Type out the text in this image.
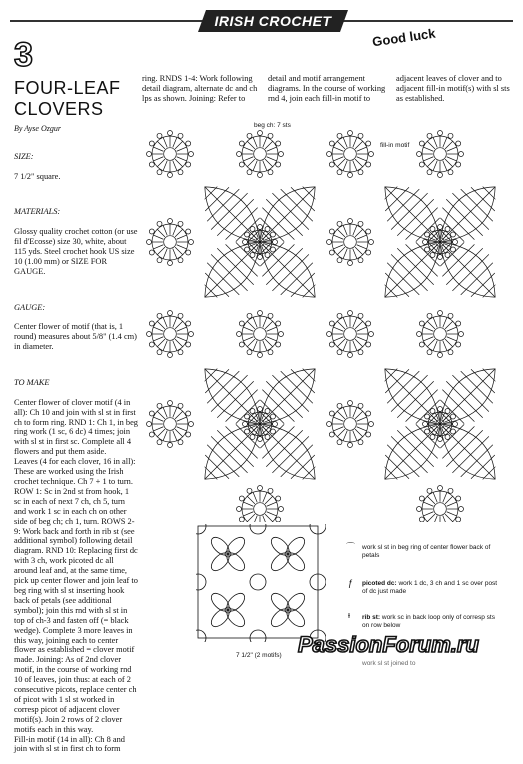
IRISH CROCHET
Good luck
3
FOUR-LEAF
CLOVERS
By Ayse Ozgur

SIZE:

7 1/2" square.

MATERIALS:

Glossy quality crochet cotton (or use fil d'Ecosse) size 30, white, about 115 yds. Steel crochet hook US size 10 (1.00 mm) or SIZE FOR GAUGE.

GAUGE:

Center flower of motif (that is, 1 round) measures about 5/8" (1.4 cm) in diameter.

TO MAKE

Center flower of clover motif (4 in all): Ch 10 and join with sl st in first ch to form ring. RND 1: Ch 1, in beg ring work (1 sc, 6 dc) 4 times; join with sl st in first sc. Complete all 4 flowers and put them aside.
Leaves (4 for each clover, 16 in all): These are worked using the Irish crochet technique. Ch 7 + 1 to turn. ROW 1: Sc in 2nd st from hook, 1 sc in each of next 7 ch, ch 5, turn and work 1 sc in each ch on other side of beg ch; ch 1, turn. ROWS 2-9: Work back and forth in rib st (see additional symbol) following detail diagram. RND 10: Replacing first dc with 3 ch, work picoted dc all around leaf and, at the same time, pick up center flower and join leaf to beg ring with sl st inserting hook back of petals (see additional symbol); join this rnd with sl st in top of ch-3 and fasten off (= black wedge). Complete 3 more leaves in this way, joining each to center flower as established = clover motif made. Joining: As of 2nd clover motif, in the course of working rnd 10 of leaves, join thus: at each of 2 consecutive picots, replace center ch of picot with 1 sl st worked in corresp picot of adjacent clover motif(s). Join 2 rows of 2 clover motifs each in this way.
Fill-in motif (14 in all): Ch 8 and join with sl st in first ch to form

ring. RNDS 1-4: Work following detail diagram, alternate dc and ch lps as shown. Joining: Refer to
detail and motif arrangement diagrams. In the course of working rnd 4, join each fill-in motif to
adjacent leaves of clover and to adjacent fill-in motif(s) with sl sts as established.
beg ch: 7 sts
fill-in motif
7 1/2" (2 motifs)
⌒ work sl st in beg ring of center flower back of petals
ƒ picoted dc: work 1 dc, 3 ch and 1 sc over post of dc just made
ᵻ rib st: work sc in back loop only of corresp sts on row below
work sl st joined to
PassionForum.ru
